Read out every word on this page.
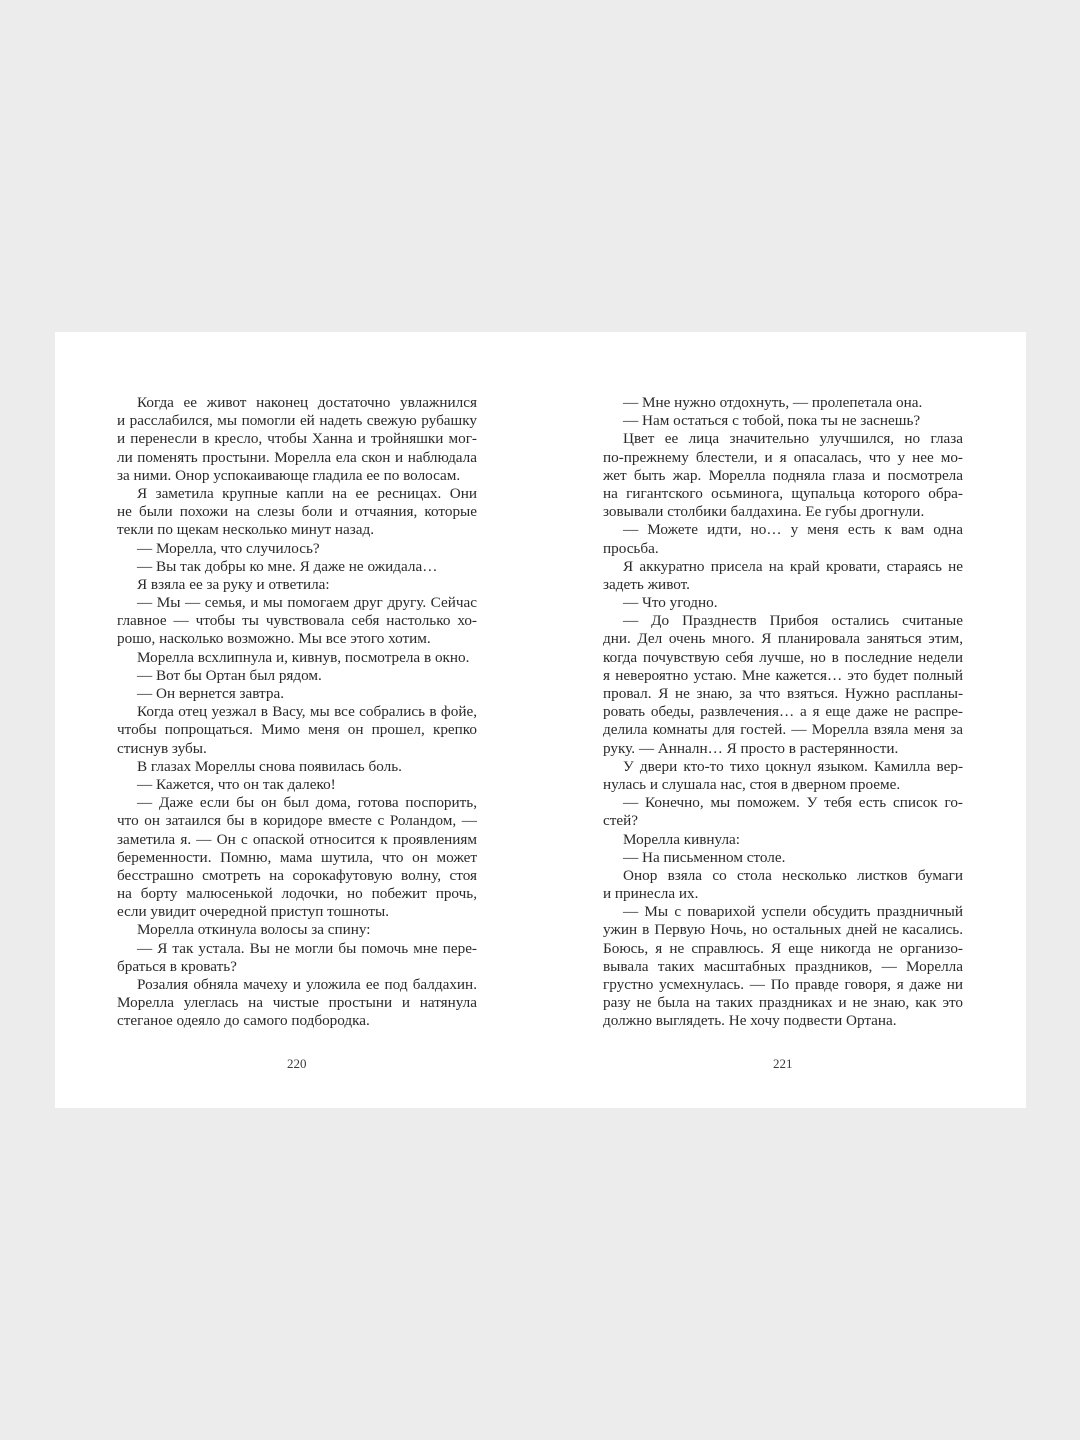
Когда ее живот наконец достаточно увлажнился
и расслабился, мы помогли ей надеть свежую рубашку
и перенесли в кресло, чтобы Ханна и тройняшки мог-
ли поменять простыни. Морелла ела скон и наблюдала
за ними. Онор успокаивающе гладила ее по волосам.
Я заметила крупные капли на ее ресницах. Они
не были похожи на слезы боли и отчаяния, которые
текли по щекам несколько минут назад.
— Морелла, что случилось?
— Вы так добры ко мне. Я даже не ожидала…
Я взяла ее за руку и ответила:
— Мы — семья, и мы помогаем друг другу. Сейчас
главное — чтобы ты чувствовала себя настолько хо-
рошо, насколько возможно. Мы все этого хотим.
Морелла всхлипнула и, кивнув, посмотрела в окно.
— Вот бы Ортан был рядом.
— Он вернется завтра.
Когда отец уезжал в Васу, мы все собрались в фойе,
чтобы попрощаться. Мимо меня он прошел, крепко
стиснув зубы.
В глазах Мореллы снова появилась боль.
— Кажется, что он так далеко!
— Даже если бы он был дома, готова поспорить,
что он затаился бы в коридоре вместе с Роландом, —
заметила я. — Он с опаской относится к проявлениям
беременности. Помню, мама шутила, что он может
бесстрашно смотреть на сорокафутовую волну, стоя
на борту малюсенькой лодочки, но побежит прочь,
если увидит очередной приступ тошноты.
Морелла откинула волосы за спину:
— Я так устала. Вы не могли бы помочь мне пере-
браться в кровать?
Розалия обняла мачеху и уложила ее под балдахин.
Морелла улеглась на чистые простыни и натянула
стеганое одеяло до самого подбородка.
220
— Мне нужно отдохнуть, — пролепетала она.
— Нам остаться с тобой, пока ты не заснешь?
Цвет ее лица значительно улучшился, но глаза
по-прежнему блестели, и я опасалась, что у нее мо-
жет быть жар. Морелла подняла глаза и посмотрела
на гигантского осьминога, щупальца которого обра-
зовывали столбики балдахина. Ее губы дрогнули.
— Можете идти, но… у меня есть к вам одна
просьба.
Я аккуратно присела на край кровати, стараясь не
задеть живот.
— Что угодно.
— До Празднеств Прибоя остались считаные
дни. Дел очень много. Я планировала заняться этим,
когда почувствую себя лучше, но в последние недели
я невероятно устаю. Мне кажется… это будет полный
провал. Я не знаю, за что взяться. Нужно распланы-
ровать обеды, развлечения… а я еще даже не распре-
делила комнаты для гостей. — Морелла взяла меня за
руку. — Анналн… Я просто в растерянности.
У двери кто-то тихо цокнул языком. Камилла вер-
нулась и слушала нас, стоя в дверном проеме.
— Конечно, мы поможем. У тебя есть список го-
стей?
Морелла кивнула:
— На письменном столе.
Онор взяла со стола несколько листков бумаги
и принесла их.
— Мы с поварихой успели обсудить праздничный
ужин в Первую Ночь, но остальных дней не касались.
Боюсь, я не справлюсь. Я еще никогда не организо-
вывала таких масштабных праздников, — Морелла
грустно усмехнулась. — По правде говоря, я даже ни
разу не была на таких праздниках и не знаю, как это
должно выглядеть. Не хочу подвести Ортана.
221
